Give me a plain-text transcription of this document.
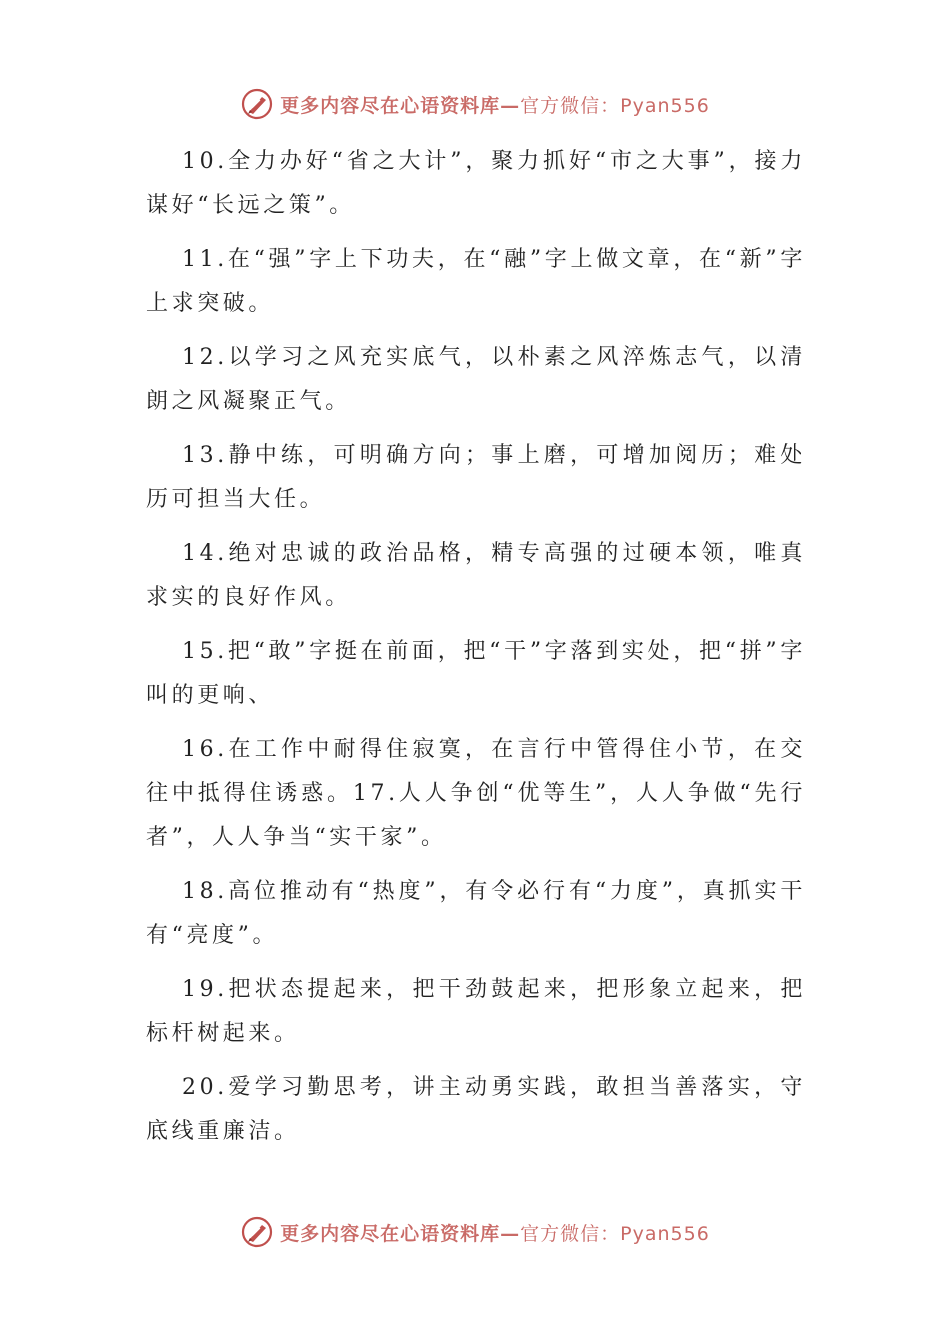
更多内容尽在心语资料库—官方微信：Pyan556

10.全力办好“省之大计”，聚力抓好“市之大事”，接力谋好“长远之策”。

11.在“强”字上下功夫，在“融”字上做文章，在“新”字上求突破。

12.以学习之风充实底气，以朴素之风淬炼志气，以清朗之风凝聚正气。

13.静中练，可明确方向；事上磨，可增加阅历；难处历可担当大任。

14.绝对忠诚的政治品格，精专高强的过硬本领，唯真求实的良好作风。

15.把“敢”字挺在前面，把“干”字落到实处，把“拼”字叫的更响、

16.在工作中耐得住寂寞，在言行中管得住小节，在交往中抵得住诱惑。17.人人争创“优等生”，人人争做“先行者”，人人争当“实干家”。

18.高位推动有“热度”，有令必行有“力度”，真抓实干有“亮度”。

19.把状态提起来，把干劲鼓起来，把形象立起来，把标杆树起来。

20.爱学习勤思考，讲主动勇实践，敢担当善落实，守底线重廉洁。

更多内容尽在心语资料库—官方微信：Pyan556
